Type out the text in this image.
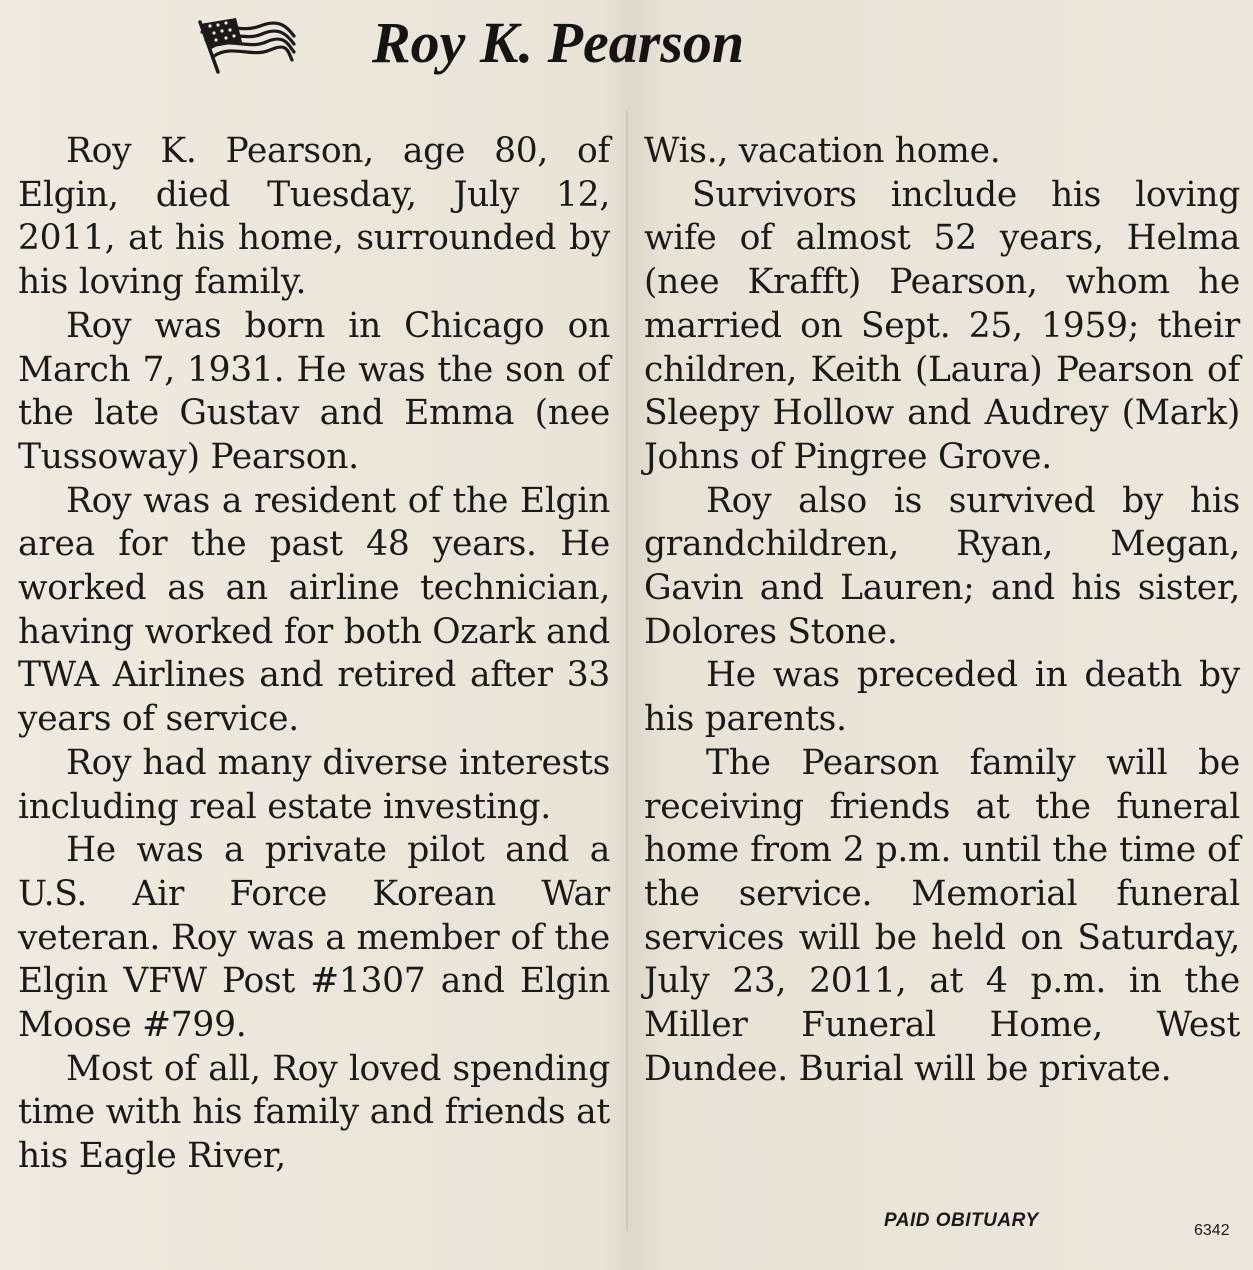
Roy K. Pearson

Roy K. Pearson, age 80, of Elgin, died Tuesday, July 12, 2011, at his home, surrounded by his loving family.

Roy was born in Chicago on March 7, 1931. He was the son of the late Gustav and Emma (nee Tussoway) Pearson.

Roy was a resident of the Elgin area for the past 48 years. He worked as an airline technician, having worked for both Ozark and TWA Airlines and retired after 33 years of service.

Roy had many diverse interests including real estate investing.

He was a private pilot and a U.S. Air Force Korean War veteran. Roy was a member of the Elgin VFW Post #1307 and Elgin Moose #799.

Most of all, Roy loved spending time with his family and friends at his Eagle River,

Wis., vacation home.

Survivors include his loving wife of almost 52 years, Helma (nee Krafft) Pearson, whom he married on Sept. 25, 1959; their children, Keith (Laura) Pearson of Sleepy Hollow and Audrey (Mark) Johns of Pingree Grove.

Roy also is survived by his grandchildren, Ryan, Megan, Gavin and Lauren; and his sister, Dolores Stone.

He was preceded in death by his parents.

The Pearson family will be receiving friends at the funeral home from 2 p.m. until the time of the service. Memorial funeral services will be held on Saturday, July 23, 2011, at 4 p.m. in the Miller Funeral Home, West Dundee. Burial will be private.

PAID OBITUARY	6342
